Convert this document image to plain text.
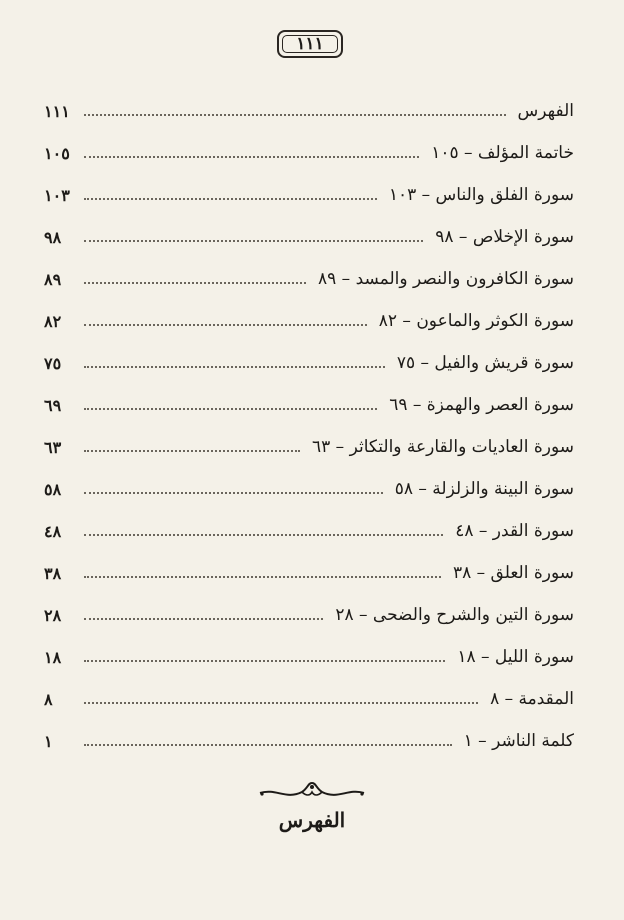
١١١
الفهرس
١١١
خاتمة المؤلف – ١٠٥
١٠٥
سورة الفلق والناس – ١٠٣
١٠٣
سورة الإخلاص – ٩٨
٩٨
سورة الكافرون والنصر والمسد – ٨٩
٨٩
سورة الكوثر والماعون – ٨٢
٨٢
سورة قريش والفيل – ٧٥
٧٥
سورة العصر والهمزة – ٦٩
٦٩
سورة العاديات والقارعة والتكاثر – ٦٣
٦٣
سورة البينة والزلزلة – ٥٨
٥٨
سورة القدر – ٤٨
٤٨
سورة العلق – ٣٨
٣٨
سورة التين والشرح والضحى – ٢٨
٢٨
سورة الليل – ١٨
١٨
المقدمة – ٨
٨
كلمة الناشر – ١
١
الفهرس
